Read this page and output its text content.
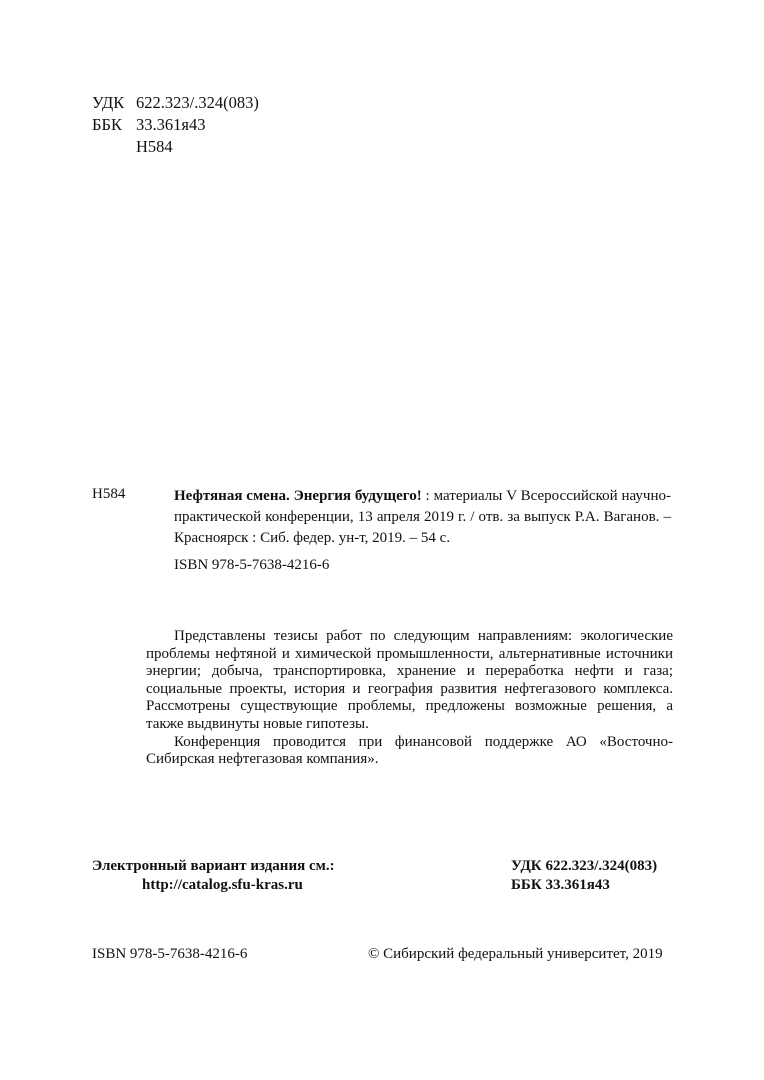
УДК 622.323/.324(083)
ББК 33.361я43
Н584
Н584	Нефтяная смена. Энергия будущего! : материалы V Всероссийской научно-практической конференции, 13 апреля 2019 г. / отв. за выпуск Р.А. Ваганов. – Красноярск : Сиб. федер. ун-т, 2019. – 54 с.
ISBN 978-5-7638-4216-6

Представлены тезисы работ по следующим направлениям: экологические проблемы нефтяной и химической промышленности, альтернативные источники энергии; добыча, транспортировка, хранение и переработка нефти и газа; социальные проекты, история и география развития нефтегазового комплекса. Рассмотрены существующие проблемы, предложены возможные решения, а также выдвинуты новые гипотезы.

Конференция проводится при финансовой поддержке АО «Восточно-Сибирская нефтегазовая компания».

Электронный вариант издания см.:
http://catalog.sfu-kras.ru
УДК 622.323/.324(083)
ББК 33.361я43
ISBN 978-5-7638-4216-6	© Сибирский федеральный университет, 2019
